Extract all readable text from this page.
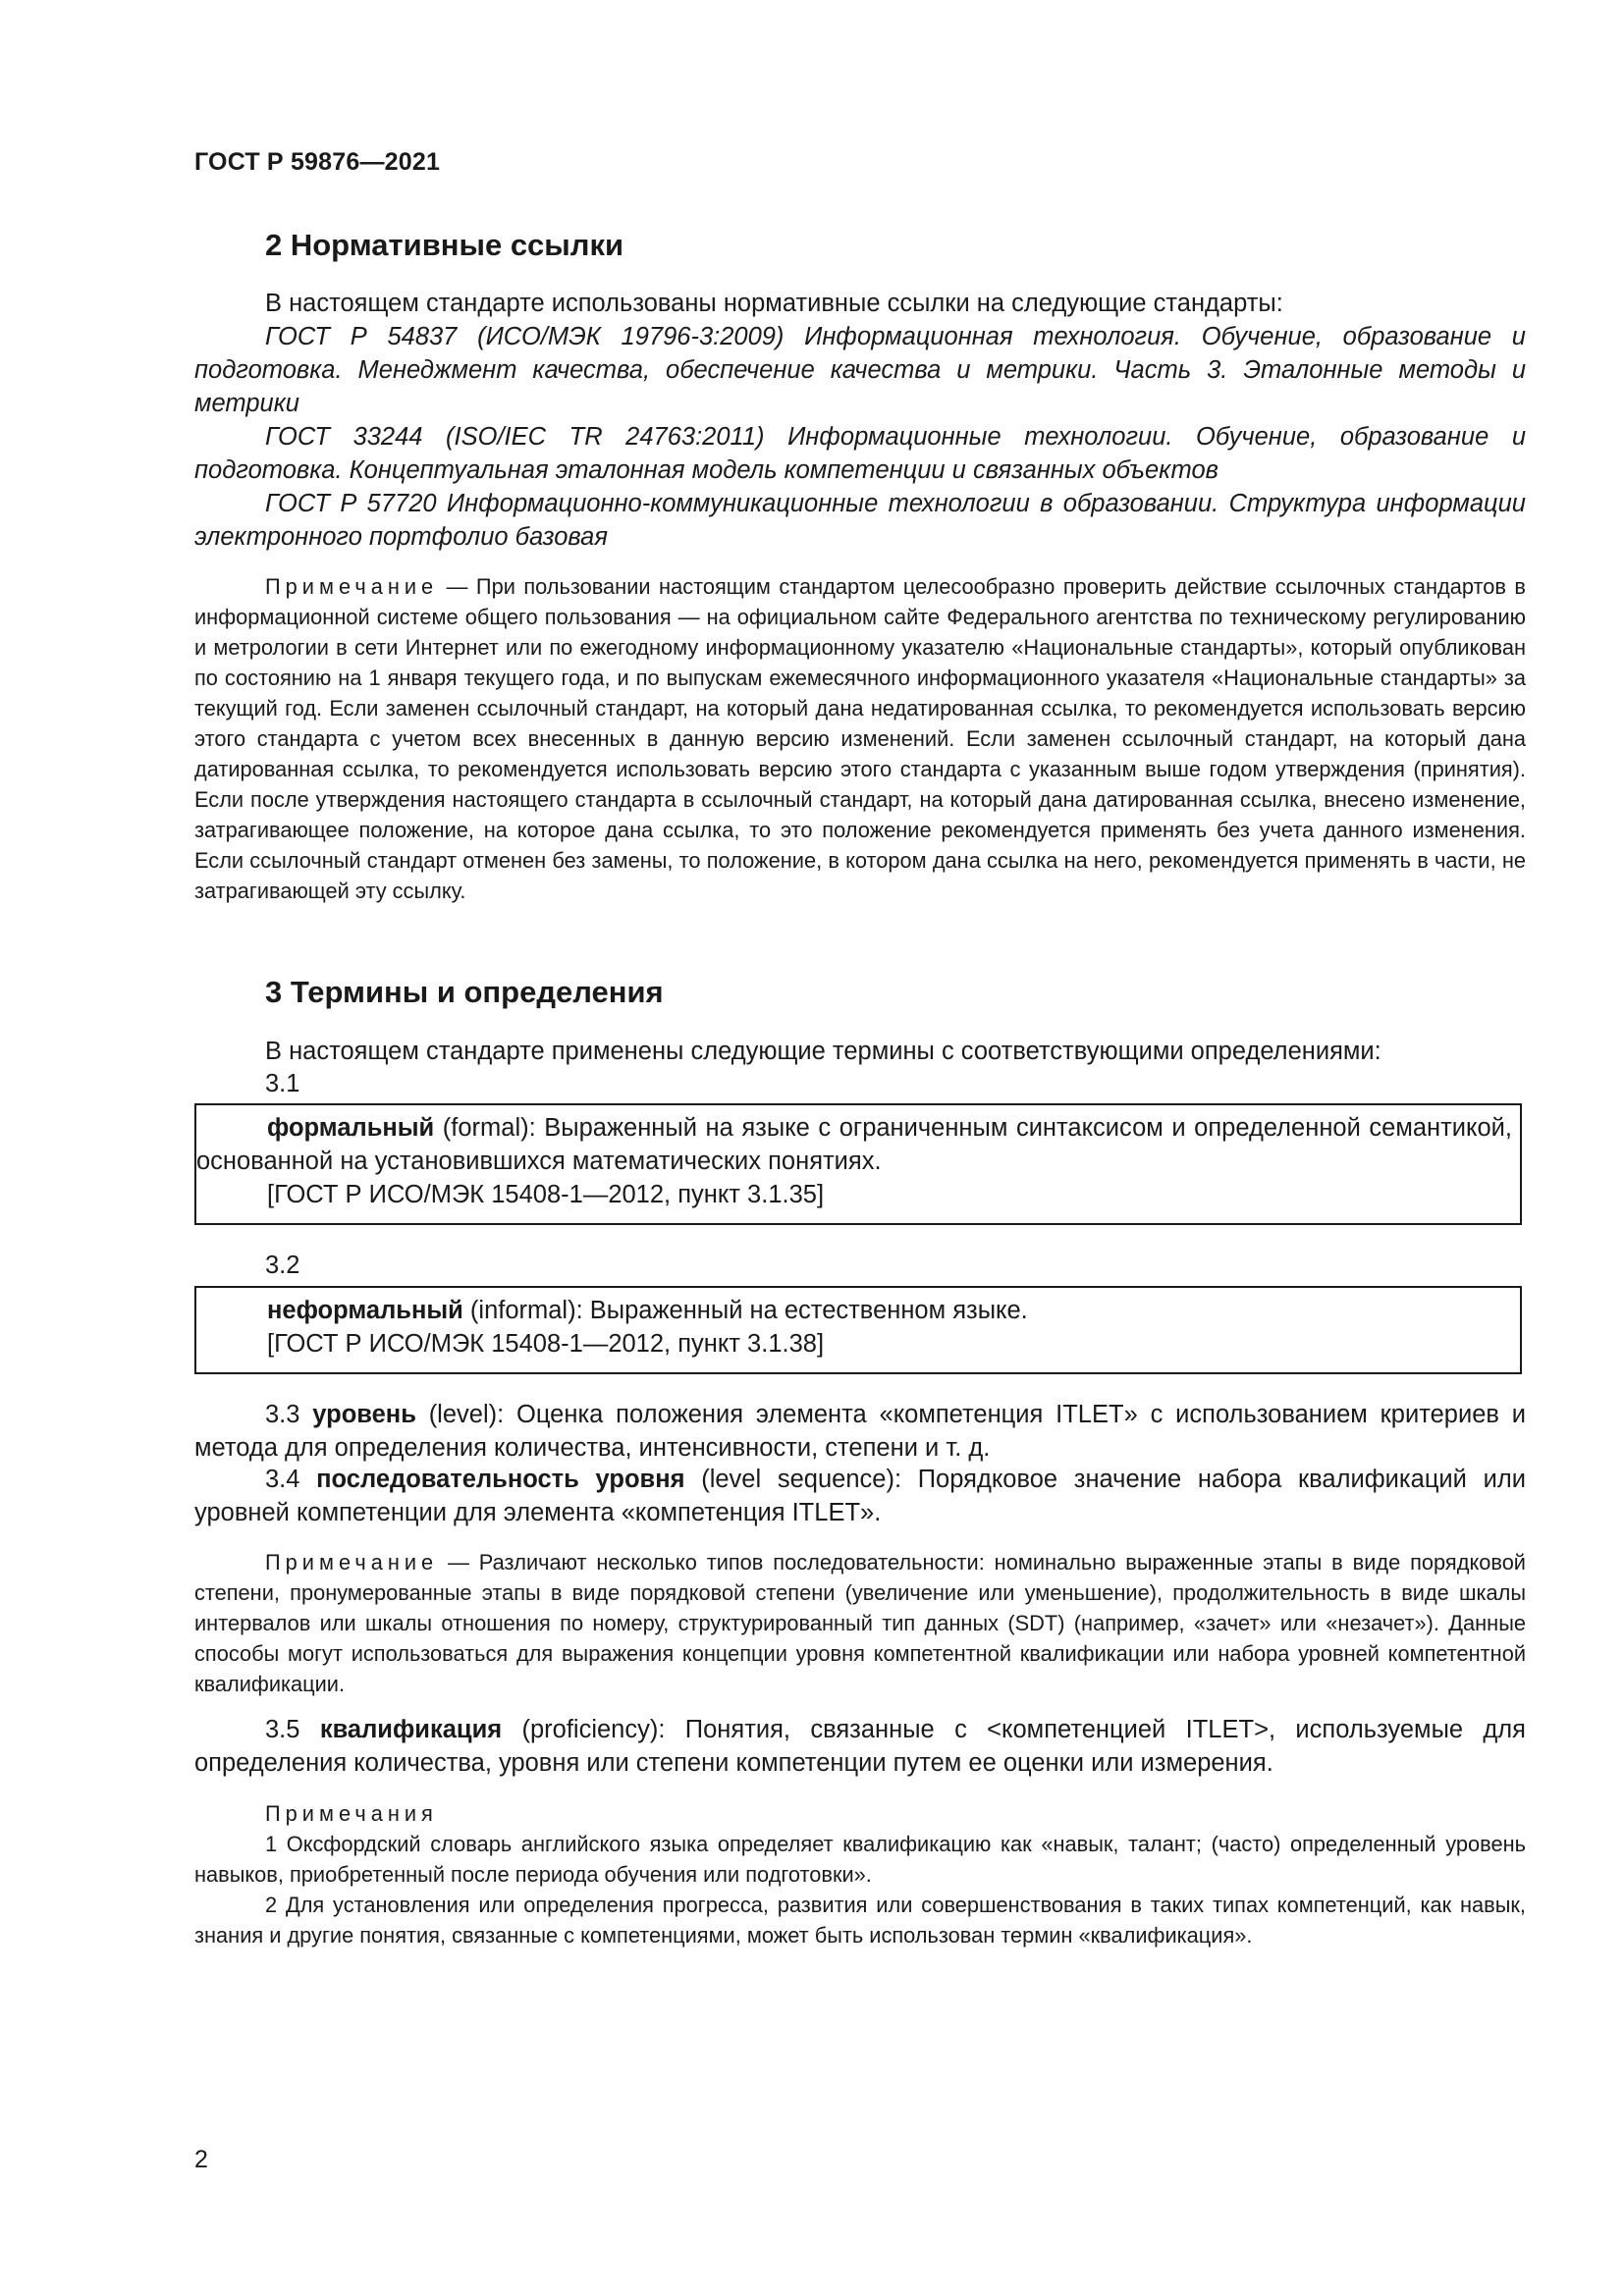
ГОСТ Р 59876—2021
2 Нормативные ссылки

В настоящем стандарте использованы нормативные ссылки на следующие стандарты:

ГОСТ Р 54837 (ИСО/МЭК 19796-3:2009) Информационная технология. Обучение, образование и подготовка. Менеджмент качества, обеспечение качества и метрики. Часть 3. Эталонные методы и метрики

ГОСТ 33244 (ISO/IEC TR 24763:2011) Информационные технологии. Обучение, образование и подготовка. Концептуальная эталонная модель компетенции и связанных объектов

ГОСТ Р 57720 Информационно-коммуникационные технологии в образовании. Структура информации электронного портфолио базовая

Примечание — При пользовании настоящим стандартом целесообразно проверить действие ссылочных стандартов в информационной системе общего пользования — на официальном сайте Федерального агентства по техническому регулированию и метрологии в сети Интернет или по ежегодному информационному указателю «Национальные стандарты», который опубликован по состоянию на 1 января текущего года, и по выпускам ежемесячного информационного указателя «Национальные стандарты» за текущий год. Если заменен ссылочный стандарт, на который дана недатированная ссылка, то рекомендуется использовать версию этого стандарта с учетом всех внесенных в данную версию изменений. Если заменен ссылочный стандарт, на который дана датированная ссылка, то рекомендуется использовать версию этого стандарта с указанным выше годом утверждения (принятия). Если после утверждения настоящего стандарта в ссылочный стандарт, на который дана датированная ссылка, внесено изменение, затрагивающее положение, на которое дана ссылка, то это положение рекомендуется применять без учета данного изменения. Если ссылочный стандарт отменен без замены, то положение, в котором дана ссылка на него, рекомендуется применять в части, не затрагивающей эту ссылку.

3 Термины и определения

В настоящем стандарте применены следующие термины с соответствующими определениями:

3.1

формальный (formal): Выраженный на языке с ограниченным синтаксисом и определенной семантикой, основанной на установившихся математических понятиях.

[ГОСТ Р ИСО/МЭК 15408-1—2012, пункт 3.1.35]

3.2

неформальный (informal): Выраженный на естественном языке.

[ГОСТ Р ИСО/МЭК 15408-1—2012, пункт 3.1.38]

3.3 уровень (level): Оценка положения элемента «компетенция ITLET» с использованием критериев и метода для определения количества, интенсивности, степени и т. д.

3.4 последовательность уровня (level sequence): Порядковое значение набора квалификаций или уровней компетенции для элемента «компетенция ITLET».

Примечание — Различают несколько типов последовательности: номинально выраженные этапы в виде порядковой степени, пронумерованные этапы в виде порядковой степени (увеличение или уменьшение), продолжительность в виде шкалы интервалов или шкалы отношения по номеру, структурированный тип данных (SDT) (например, «зачет» или «незачет»). Данные способы могут использоваться для выражения концепции уровня компетентной квалификации или набора уровней компетентной квалификации.

3.5 квалификация (proficiency): Понятия, связанные с <компетенцией ITLET>, используемые для определения количества, уровня или степени компетенции путем ее оценки или измерения.

Примечания

1 Оксфордский словарь английского языка определяет квалификацию как «навык, талант; (часто) определенный уровень навыков, приобретенный после периода обучения или подготовки».

2 Для установления или определения прогресса, развития или совершенствования в таких типах компетенций, как навык, знания и другие понятия, связанные с компетенциями, может быть использован термин «квалификация».

2
